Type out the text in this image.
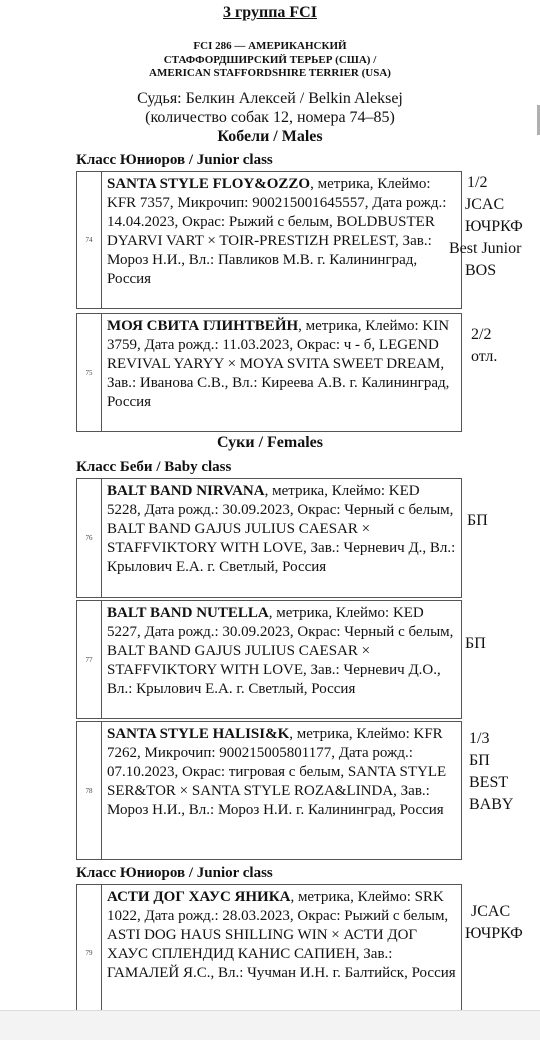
3 группа FCI
FCI 286 — АМЕРИКАНСКИЙ
СТАФФОРДШИРСКИЙ ТЕРЬЕР (США) /
AMERICAN STAFFORDSHIRE TERRIER (USA)
Судья: Белкин Алексей / Belkin Aleksej
(количество собак 12, номера 74–85)
Кобели / Males
Класс Юниоров / Junior class
74
SANTA STYLE FLOY&OZZO, метрика, Клеймо: KFR 7357, Микрочип: 900215001645557, Дата рожд.: 14.04.2023, Окрас: Рыжий с белым, BOLDBUSTER DYARVI VART × TOIR-PRESTIZH PRELEST, Зав.: Мороз Н.И., Вл.: Павликов М.В. г. Калининград, Россия
1/2
JCAC
ЮЧРКФ
Best Junior
BOS
75
МОЯ СВИТА ГЛИНТВЕЙН, метрика, Клеймо: KIN 3759, Дата рожд.: 11.03.2023, Окрас: ч - б, LEGEND REVIVAL YARYY × MOYA SVITA SWEET DREAM, Зав.: Иванова С.В., Вл.: Киреева А.В. г. Калининград, Россия
2/2
отл.
Суки / Females
Класс Беби / Baby class
76
BALT BAND NIRVANA, метрика, Клеймо: KED 5228, Дата рожд.: 30.09.2023, Окрас: Черный с белым, BALT BAND GAJUS JULIUS CAESAR × STAFFVIKTORY WITH LOVE, Зав.: Черневич Д., Вл.: Крылович Е.А. г. Светлый, Россия
БП
77
BALT BAND NUTELLA, метрика, Клеймо: KED 5227, Дата рожд.: 30.09.2023, Окрас: Черный с белым, BALT BAND GAJUS JULIUS CAESAR × STAFFVIKTORY WITH LOVE, Зав.: Черневич Д.О., Вл.: Крылович Е.А. г. Светлый, Россия
БП
78
SANTA STYLE HALISI&K, метрика, Клеймо: KFR 7262, Микрочип: 900215005801177, Дата рожд.: 07.10.2023, Окрас: тигровая с белым, SANTA STYLE SER&TOR × SANTA STYLE ROZA&LINDA, Зав.: Мороз Н.И., Вл.: Мороз Н.И. г. Калининград, Россия
1/3
БП
BEST
BABY
Класс Юниоров / Junior class
79
АСТИ ДОГ ХАУС ЯНИКА, метрика, Клеймо: SRK 1022, Дата рожд.: 28.03.2023, Окрас: Рыжий с белым, ASTI DOG HAUS SHILLING WIN × АСТИ ДОГ ХАУС СПЛЕНДИД КАНИС САПИЕН, Зав.: ГАМАЛЕЙ Я.С., Вл.: Чучман И.Н. г. Балтийск, Россия
JCAC
ЮЧРКФ
